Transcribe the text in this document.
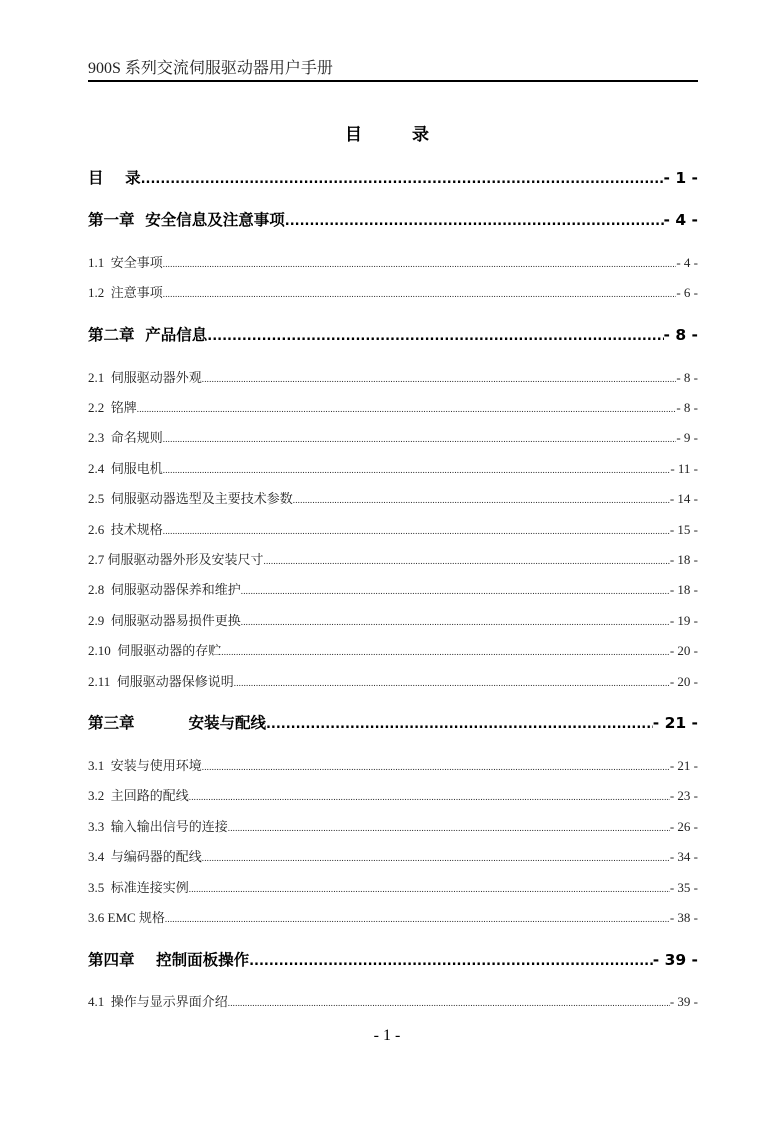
900S 系列交流伺服驱动器用户手册
目 录
目    录 .....	- 1 -
第一章  安全信息及注意事项 .....	- 4 -
1.1  安全事项 .....	- 4 -
1.2  注意事项 .....	- 6 -
第二章  产品信息 .....	- 8 -
2.1  伺服驱动器外观 .....	- 8 -
2.2  铭牌 .....	- 8 -
2.3  命名规则 .....	- 9 -
2.4  伺服电机 .....	- 11 -
2.5  伺服驱动器选型及主要技术参数 .....	- 14 -
2.6  技术规格 .....	- 15 -
2.7 伺服驱动器外形及安装尺寸 .....	- 18 -
2.8  伺服驱动器保养和维护 .....	- 18 -
2.9  伺服驱动器易损件更换 .....	- 19 -
2.10  伺服驱动器的存贮 .....	- 20 -
2.11  伺服驱动器保修说明 .....	- 20 -
第三章          安装与配线 .....	- 21 -
3.1  安装与使用环境 .....	- 21 -
3.2  主回路的配线 .....	- 23 -
3.3  输入输出信号的连接 .....	- 26 -
3.4  与编码器的配线 .....	- 34 -
3.5  标准连接实例 .....	- 35 -
3.6 EMC 规格 .....	- 38 -
第四章    控制面板操作 .....	- 39 -
4.1  操作与显示界面介绍 .....	- 39 -
- 1 -
